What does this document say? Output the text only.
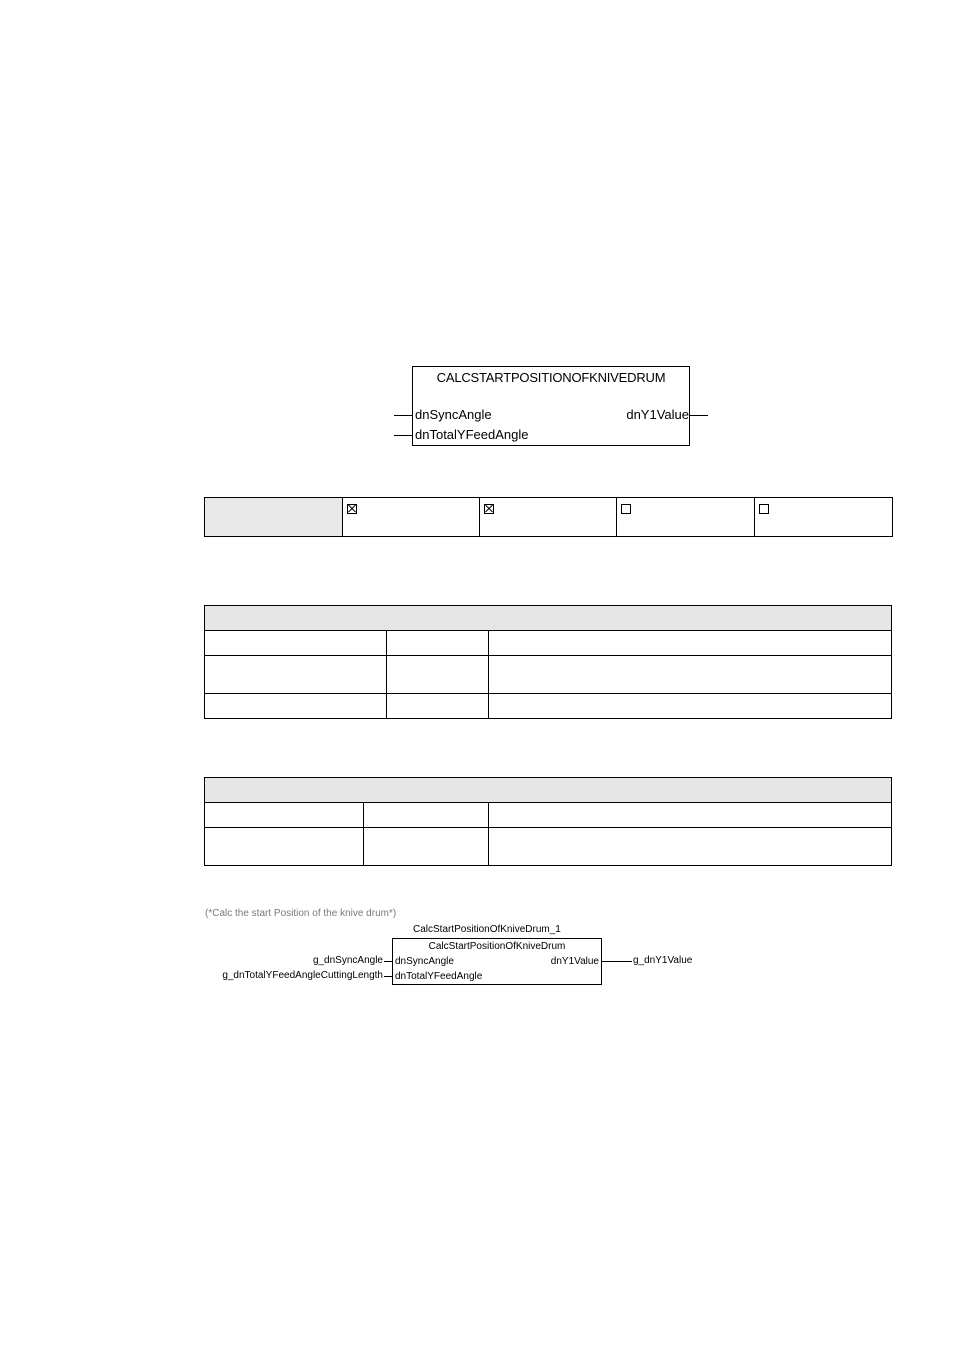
CALCSTARTPOSITIONOFKNIVEDRUM
dnSyncAngle
dnTotalYFeedAngle
dnY1Value

(*Calc the start Position of the knive drum*)
CalcStartPositionOfKniveDrum_1
CalcStartPositionOfKniveDrum
dnSyncAngle
dnTotalYFeedAngle
dnY1Value
g_dnSyncAngle
g_dnTotalYFeedAngleCuttingLength
g_dnY1Value
